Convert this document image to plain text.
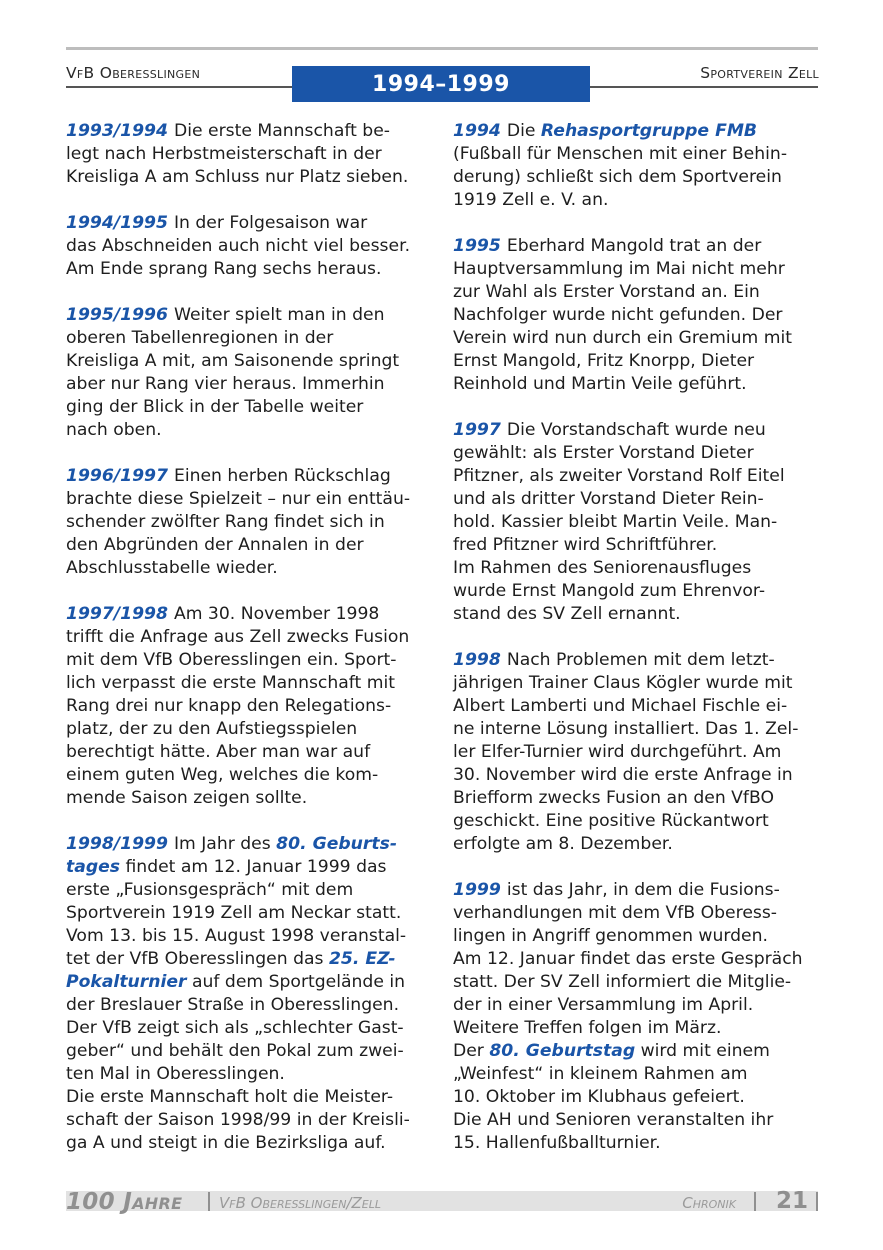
VfB Oberesslingen	Sportverein Zell
1994–1999

1993/1994 Die erste Mannschaft be-

legt nach Herbstmeisterschaft in der

Kreisliga A am Schluss nur Platz sieben.

1994/1995 In der Folgesaison war

das Abschneiden auch nicht viel besser.

Am Ende sprang Rang sechs heraus.

1995/1996 Weiter spielt man in den

oberen Tabellenregionen in der

Kreisliga A mit, am Saisonende springt

aber nur Rang vier heraus. Immerhin

ging der Blick in der Tabelle weiter

nach oben.

1996/1997 Einen herben Rückschlag

brachte diese Spielzeit – nur ein enttäu-

schender zwölfter Rang findet sich in

den Abgründen der Annalen in der

Abschlusstabelle wieder.

1997/1998 Am 30. November 1998

trifft die Anfrage aus Zell zwecks Fusion

mit dem VfB Oberesslingen ein. Sport-

lich verpasst die erste Mannschaft mit

Rang drei nur knapp den Relegations-

platz, der zu den Aufstiegsspielen

berechtigt hätte. Aber man war auf

einem guten Weg, welches die kom-

mende Saison zeigen sollte.

1998/1999 Im Jahr des 80. Geburts-

tages findet am 12. Januar 1999 das

erste „Fusionsgespräch“ mit dem

Sportverein 1919 Zell am Neckar statt.

Vom 13. bis 15. August 1998 veranstal-

tet der VfB Oberesslingen das 25. EZ-

Pokalturnier auf dem Sportgelände in

der Breslauer Straße in Oberesslingen.

Der VfB zeigt sich als „schlechter Gast-

geber“ und behält den Pokal zum zwei-

ten Mal in Oberesslingen.

Die erste Mannschaft holt die Meister-

schaft der Saison 1998/99 in der Kreisli-

ga A und steigt in die Bezirksliga auf.

1994 Die Rehasportgruppe FMB

(Fußball für Menschen mit einer Behin-

derung) schließt sich dem Sportverein

1919 Zell e. V. an.

1995 Eberhard Mangold trat an der

Hauptversammlung im Mai nicht mehr

zur Wahl als Erster Vorstand an. Ein

Nachfolger wurde nicht gefunden. Der

Verein wird nun durch ein Gremium mit

Ernst Mangold, Fritz Knorpp, Dieter

Reinhold und Martin Veile geführt.

1997 Die Vorstandschaft wurde neu

gewählt: als Erster Vorstand Dieter

Pfitzner, als zweiter Vorstand Rolf Eitel

und als dritter Vorstand Dieter Rein-

hold. Kassier bleibt Martin Veile. Man-

fred Pfitzner wird Schriftführer.

Im Rahmen des Seniorenausfluges

wurde Ernst Mangold zum Ehrenvor-

stand des SV Zell ernannt.

1998 Nach Problemen mit dem letzt-

jährigen Trainer Claus Kögler wurde mit

Albert Lamberti und Michael Fischle ei-

ne interne Lösung installiert. Das 1. Zel-

ler Elfer-Turnier wird durchgeführt. Am

30. November wird die erste Anfrage in

Briefform zwecks Fusion an den VfBO

geschickt. Eine positive Rückantwort

erfolgte am 8. Dezember.

1999 ist das Jahr, in dem die Fusions-

verhandlungen mit dem VfB Oberess-

lingen in Angriff genommen wurden.

Am 12. Januar findet das erste Gespräch

statt. Der SV Zell informiert die Mitglie-

der in einer Versammlung im April.

Weitere Treffen folgen im März.

Der 80. Geburtstag wird mit einem

„Weinfest“ in kleinem Rahmen am

10. Oktober im Klubhaus gefeiert.

Die AH und Senioren veranstalten ihr

15. Hallenfußballturnier.

100 Jahre VfB Oberesslingen/Zell	Chronik 21
